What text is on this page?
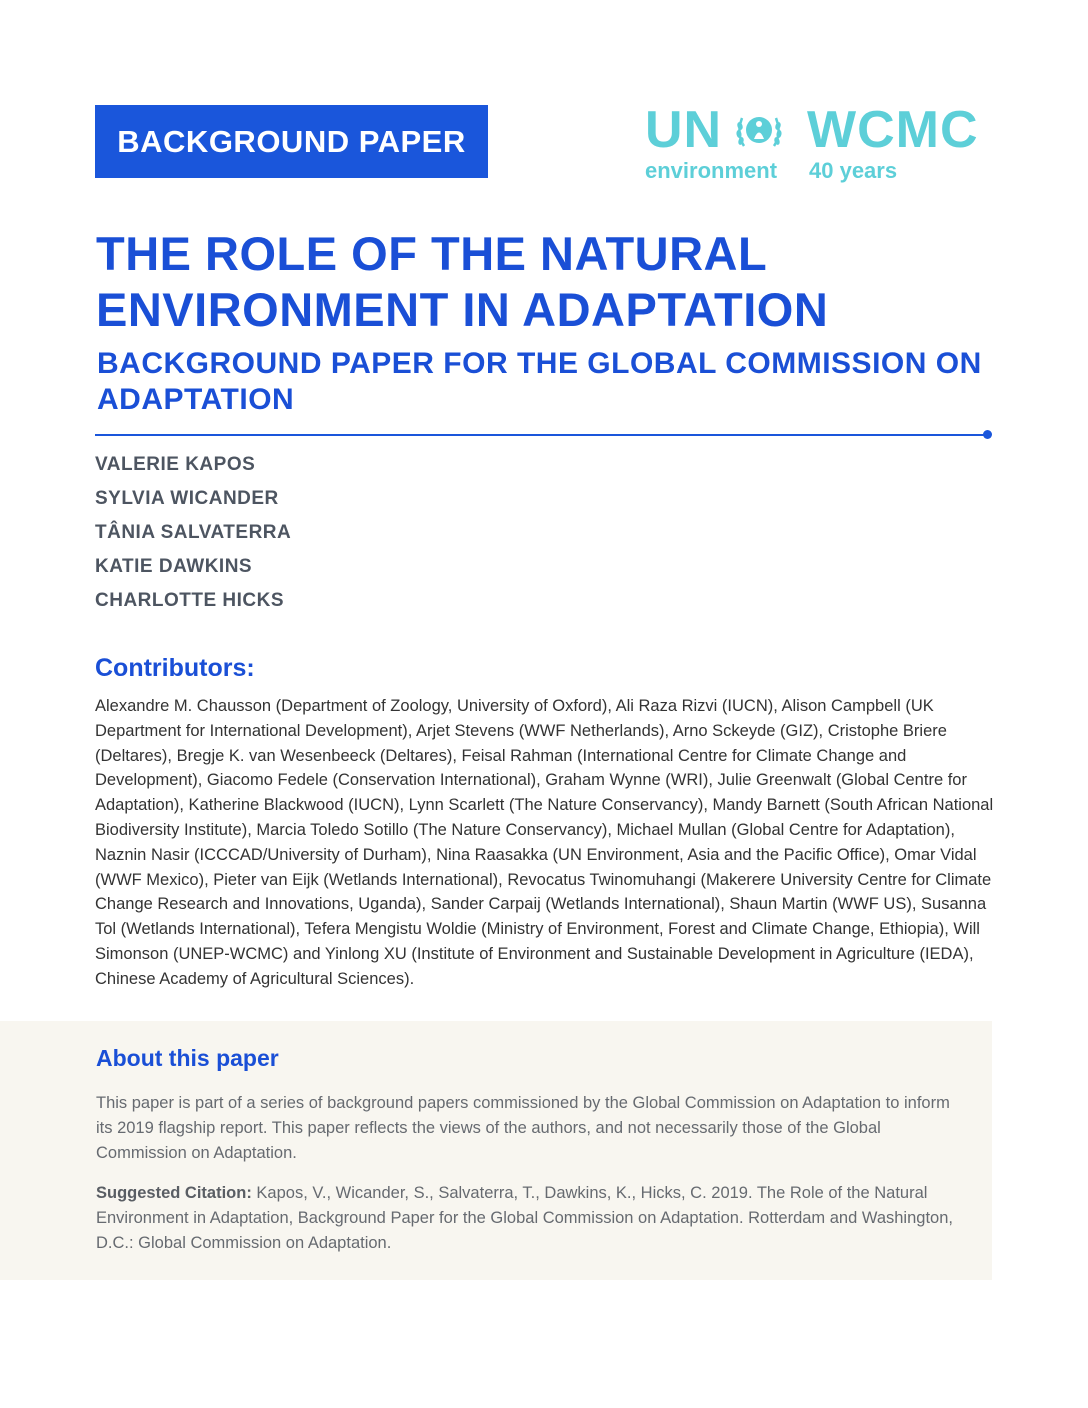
BACKGROUND PAPER	UN WCMC
environment 40 years
THE ROLE OF THE NATURAL ENVIRONMENT IN ADAPTATION
BACKGROUND PAPER FOR THE GLOBAL COMMISSION ON ADAPTATION
VALERIE KAPOS
SYLVIA WICANDER
TÂNIA SALVATERRA
KATIE DAWKINS
CHARLOTTE HICKS
Contributors:

Alexandre M. Chausson (Department of Zoology, University of Oxford), Ali Raza Rizvi (IUCN), Alison Campbell (UK Department for International Development), Arjet Stevens (WWF Netherlands), Arno Sckeyde (GIZ), Cristophe Briere (Deltares), Bregje K. van Wesenbeeck (Deltares), Feisal Rahman (International Centre for Climate Change and Development), Giacomo Fedele (Conservation International), Graham Wynne (WRI), Julie Greenwalt (Global Centre for Adaptation), Katherine Blackwood (IUCN), Lynn Scarlett (The Nature Conservancy), Mandy Barnett (South African National Biodiversity Institute), Marcia Toledo Sotillo (The Nature Conservancy), Michael Mullan (Global Centre for Adaptation), Naznin Nasir (ICCCAD/University of Durham), Nina Raasakka (UN Environment, Asia and the Pacific Office), Omar Vidal (WWF Mexico), Pieter van Eijk (Wetlands International), Revocatus Twinomuhangi (Makerere University Centre for Climate Change Research and Innovations, Uganda), Sander Carpaij (Wetlands International), Shaun Martin (WWF US), Susanna Tol (Wetlands International), Tefera Mengistu Woldie (Ministry of Environment, Forest and Climate Change, Ethiopia), Will Simonson (UNEP-WCMC) and Yinlong XU (Institute of Environment and Sustainable Development in Agriculture (IEDA), Chinese Academy of Agricultural Sciences).

About this paper

This paper is part of a series of background papers commissioned by the Global Commission on Adaptation to inform its 2019 flagship report. This paper reflects the views of the authors, and not necessarily those of the Global Commission on Adaptation.

Suggested Citation: Kapos, V., Wicander, S., Salvaterra, T., Dawkins, K., Hicks, C. 2019. The Role of the Natural Environment in Adaptation, Background Paper for the Global Commission on Adaptation. Rotterdam and Washington, D.C.: Global Commission on Adaptation.
